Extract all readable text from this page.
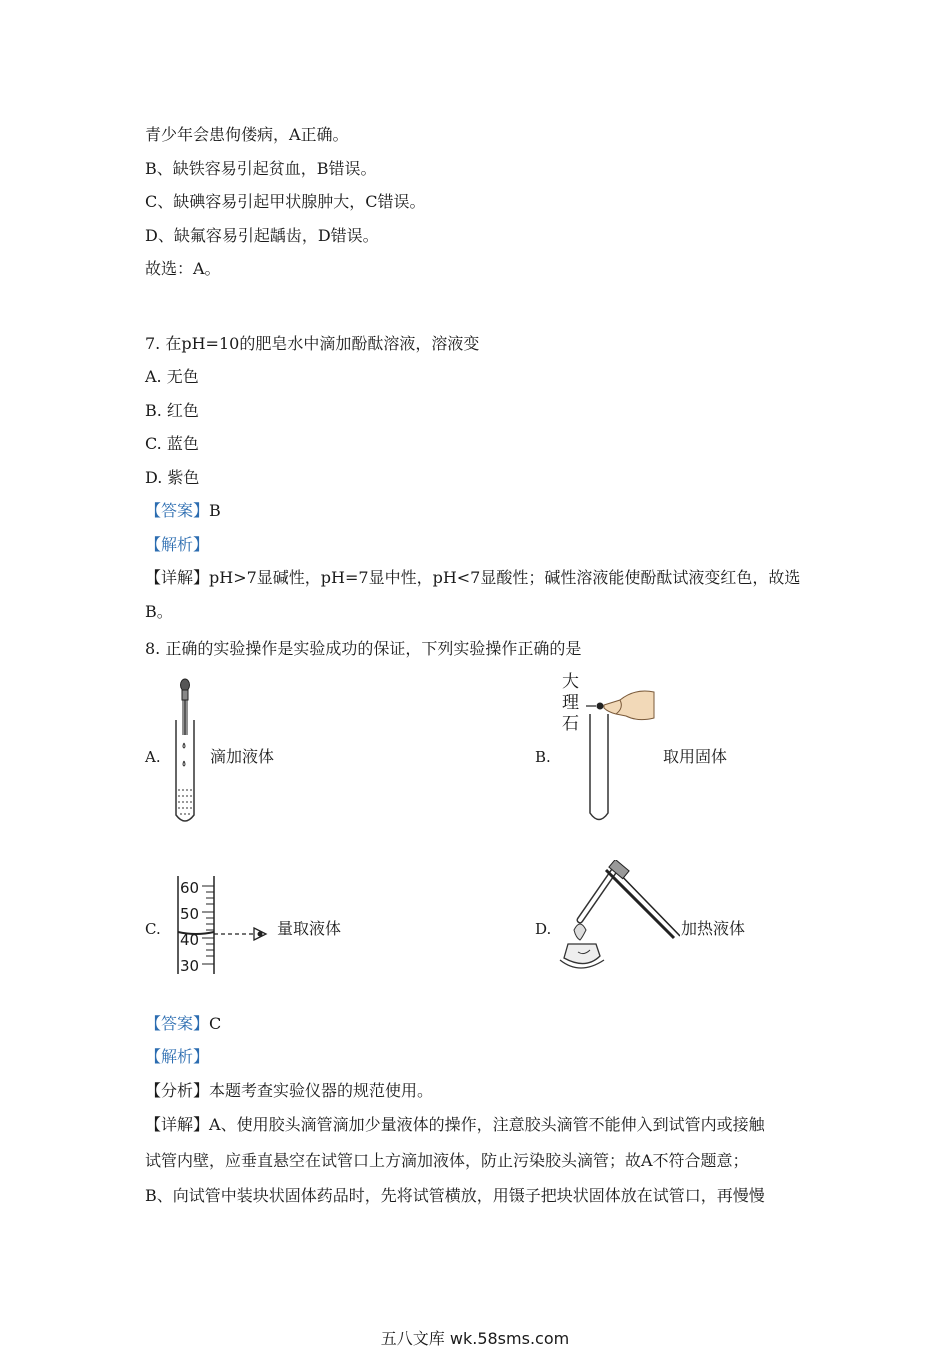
青少年会患佝偻病，A正确。
B、缺铁容易引起贫血，B错误。
C、缺碘容易引起甲状腺肿大，C错误。
D、缺氟容易引起龋齿，D错误。
故选：A。
7. 在pH=10的肥皂水中滴加酚酞溶液，溶液变
A. 无色
B. 红色
C. 蓝色
D. 紫色
【答案】B
【解析】
【详解】pH>7显碱性，pH=7显中性，pH<7显酸性；碱性溶液能使酚酞试液变红色，故选
B。
8. 正确的实验操作是实验成功的保证，下列实验操作正确的是
A.	滴加液体	B.
大
理
石
取用固体
C.
60
50
40
30
量取液体	D.	加热液体
【答案】C
【解析】
【分析】本题考查实验仪器的规范使用。
【详解】A、使用胶头滴管滴加少量液体的操作，注意胶头滴管不能伸入到试管内或接触
试管内壁，应垂直悬空在试管口上方滴加液体，防止污染胶头滴管；故A不符合题意；
B、向试管中装块状固体药品时，先将试管横放，用镊子把块状固体放在试管口，再慢慢
五八文库 wk.58sms.com
